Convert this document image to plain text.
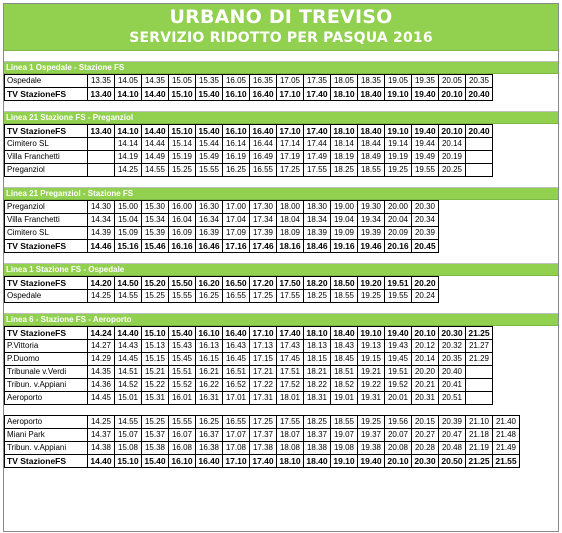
URBANO DI TREVISO
SERVIZIO RIDOTTO PER PASQUA 2016
Linea 1 Ospedale - Stazione FS
Ospedale	13.35	14.05	14.35	15.05	15.35	16.05	16.35	17.05	17.35	18.05	18.35	19.05	19.35	20.05	20.35	
TV StazioneFS	13.40	14.10	14.40	15.10	15.40	16.10	16.40	17.10	17.40	18.10	18.40	19.10	19.40	20.10	20.40	
Linea 21 Stazione FS - Preganziol
TV StazioneFS	13.40	14.10	14.40	15.10	15.40	16.10	16.40	17.10	17.40	18.10	18.40	19.10	19.40	20.10	20.40	
Cimitero SL		14.14	14.44	15.14	15.44	16.14	16.44	17.14	17.44	18.14	18.44	19.14	19.44	20.14		
Villa Franchetti		14.19	14.49	15.19	15.49	16.19	16.49	17.19	17.49	18.19	18.49	19.19	19.49	20.19		
Preganziol		14.25	14.55	15.25	15.55	16.25	16.55	17.25	17.55	18.25	18.55	19.25	19.55	20.25		
Linea 21 Preganziol - Stazione FS
Preganziol	14.30	15.00	15.30	16.00	16.30	17.00	17.30	18.00	18.30	19.00	19.30	20.00	20.30			
Villa Franchetti	14.34	15.04	15.34	16.04	16.34	17.04	17.34	18.04	18.34	19.04	19.34	20.04	20.34			
Cimitero SL	14.39	15.09	15.39	16.09	16.39	17.09	17.39	18.09	18.39	19.09	19.39	20.09	20.39			
TV StazioneFS	14.46	15.16	15.46	16.16	16.46	17.16	17.46	18.16	18.46	19.16	19.46	20.16	20.45			
Linea 1 Stazione FS - Ospedale
TV StazioneFS	14.20	14.50	15.20	15.50	16.20	16.50	17.20	17.50	18.20	18.50	19.20	19.51	20.20			
Ospedale	14.25	14.55	15.25	15.55	16.25	16.55	17.25	17.55	18.25	18.55	19.25	19.55	20.24			
Linea 6 - Stazione FS - Aeroporto
TV StazioneFS	14.24	14.40	15.10	15.40	16.10	16.40	17.10	17.40	18.10	18.40	19.10	19.40	20.10	20.30	21.25	
P.Vittoria	14.27	14.43	15.13	15.43	16.13	16.43	17.13	17.43	18.13	18.43	19.13	19.43	20.12	20.32	21.27	
P.Duomo	14.29	14.45	15.15	15.45	16.15	16.45	17.15	17.45	18.15	18.45	19.15	19.45	20.14	20.35	21.29	
Tribunale v.Verdi	14.35	14.51	15.21	15.51	16.21	16.51	17.21	17.51	18.21	18.51	19.21	19.51	20.20	20.40		
Tribun. v.Appiani	14.36	14.52	15.22	15.52	16.22	16.52	17.22	17.52	18.22	18.52	19.22	19.52	20.21	20.41		
Aeroporto	14.45	15.01	15.31	16.01	16.31	17.01	17.31	18.01	18.31	19.01	19.31	20.01	20.31	20.51		
Aeroporto	14.25	14.55	15.25	15.55	16.25	16.55	17.25	17.55	18.25	18.55	19.25	19.56	20.15	20.39	21.10	21.40
Miani Park	14.37	15.07	15.37	16.07	16.37	17.07	17.37	18.07	18.37	19.07	19.37	20.07	20.27	20.47	21.18	21.48
Tribun. v.Appiani	14.38	15.08	15.38	16.08	16.38	17.08	17.38	18.08	18.38	19.08	19.38	20.08	20.28	20.48	21.19	21.49
TV StazioneFS	14.40	15.10	15.40	16.10	16.40	17.10	17.40	18.10	18.40	19.10	19.40	20.10	20.30	20.50	21.25	21.55
